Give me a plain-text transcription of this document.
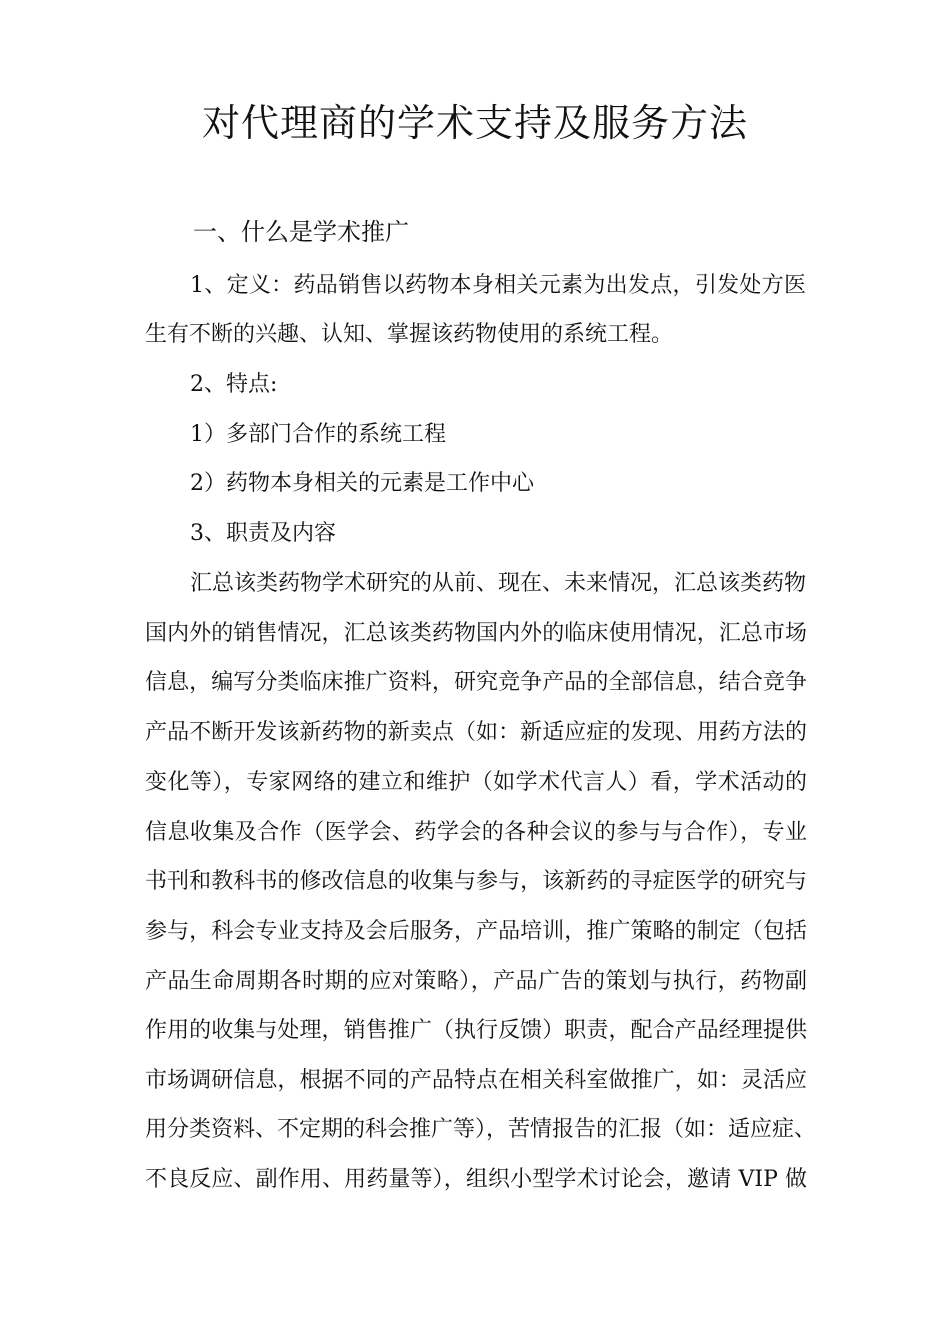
对代理商的学术支持及服务方法
一、什么是学术推广

1、定义：药品销售以药物本身相关元素为出发点，引发处方医

生有不断的兴趣、认知、掌握该药物使用的系统工程。

2、特点:

1）多部门合作的系统工程

2）药物本身相关的元素是工作中心

3、职责及内容

汇总该类药物学术研究的从前、现在、未来情况，汇总该类药物

国内外的销售情况，汇总该类药物国内外的临床使用情况，汇总市场

信息，编写分类临床推广资料，研究竞争产品的全部信息，结合竞争

产品不断开发该新药物的新卖点（如：新适应症的发现、用药方法的

变化等），专家网络的建立和维护（如学术代言人）看，学术活动的

信息收集及合作（医学会、药学会的各种会议的参与与合作），专业

书刊和教科书的修改信息的收集与参与，该新药的寻症医学的研究与

参与，科会专业支持及会后服务，产品培训，推广策略的制定（包括

产品生命周期各时期的应对策略），产品广告的策划与执行，药物副

作用的收集与处理，销售推广（执行反馈）职责，配合产品经理提供

市场调研信息，根据不同的产品特点在相关科室做推广，如：灵活应

用分类资料、不定期的科会推广等），苦情报告的汇报（如：适应症、

不良反应、副作用、用药量等），组织小型学术讨论会，邀请 VIP 做
